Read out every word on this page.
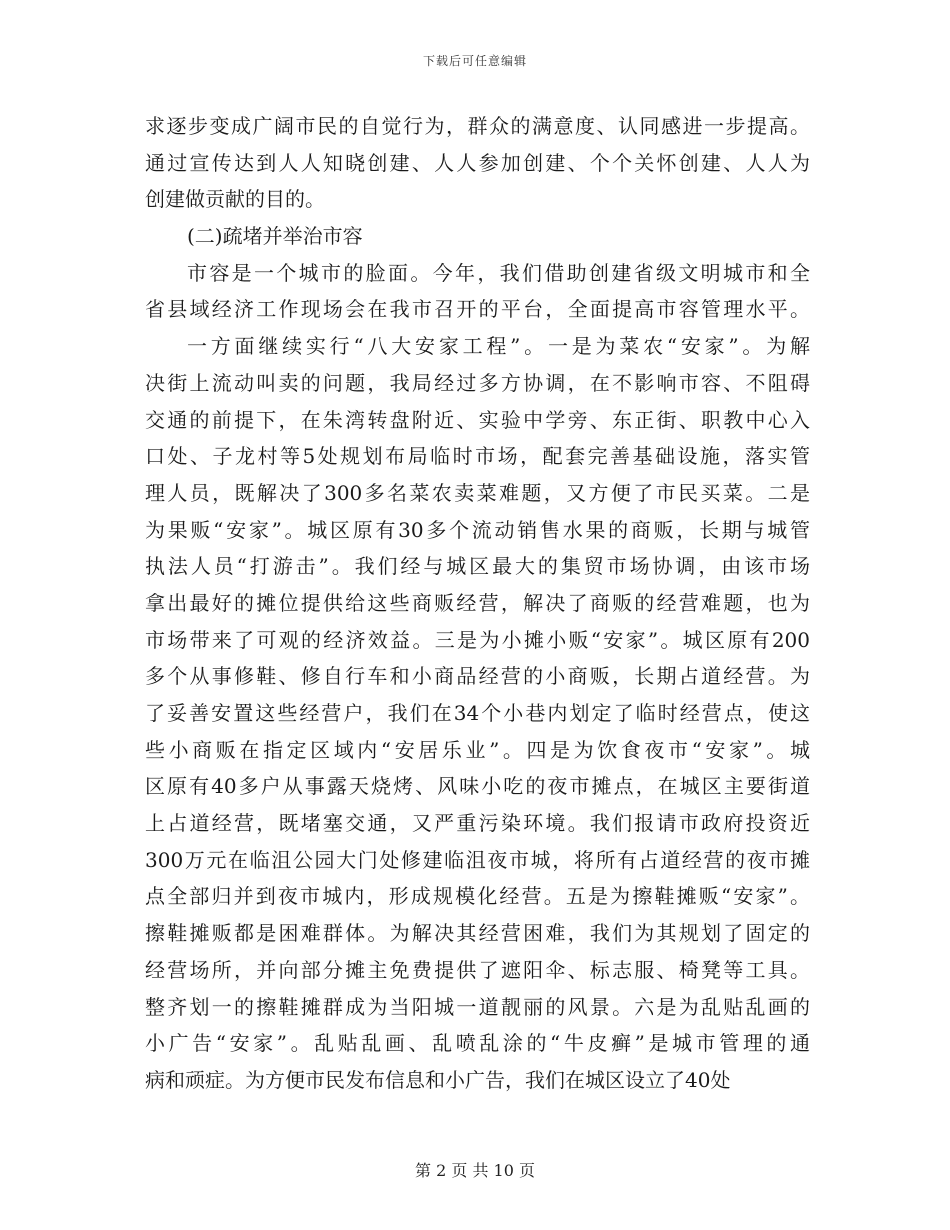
下载后可任意编辑
求逐步变成广阔市民的自觉行为，群众的满意度、认同感进一步提高。
通过宣传达到人人知晓创建、人人参加创建、个个关怀创建、人人为
创建做贡献的目的。
(二)疏堵并举治市容
市容是一个城市的脸面。今年，我们借助创建省级文明城市和全
省县域经济工作现场会在我市召开的平台，全面提高市容管理水平。
一方面继续实行“八大安家工程”。一是为菜农“安家”。为解
决街上流动叫卖的问题，我局经过多方协调，在不影响市容、不阻碍
交通的前提下，在朱湾转盘附近、实验中学旁、东正街、职教中心入
口处、子龙村等5处规划布局临时市场，配套完善基础设施，落实管
理人员，既解决了300多名菜农卖菜难题，又方便了市民买菜。二是
为果贩“安家”。城区原有30多个流动销售水果的商贩，长期与城管
执法人员“打游击”。我们经与城区最大的集贸市场协调，由该市场
拿出最好的摊位提供给这些商贩经营，解决了商贩的经营难题，也为
市场带来了可观的经济效益。三是为小摊小贩“安家”。城区原有200
多个从事修鞋、修自行车和小商品经营的小商贩，长期占道经营。为
了妥善安置这些经营户，我们在34个小巷内划定了临时经营点，使这
些小商贩在指定区域内“安居乐业”。四是为饮食夜市“安家”。城
区原有40多户从事露天烧烤、风味小吃的夜市摊点，在城区主要街道
上占道经营，既堵塞交通，又严重污染环境。我们报请市政府投资近
300万元在临沮公园大门处修建临沮夜市城，将所有占道经营的夜市摊
点全部归并到夜市城内，形成规模化经营。五是为擦鞋摊贩“安家”。
擦鞋摊贩都是困难群体。为解决其经营困难，我们为其规划了固定的
经营场所，并向部分摊主免费提供了遮阳伞、标志服、椅凳等工具。
整齐划一的擦鞋摊群成为当阳城一道靓丽的风景。六是为乱贴乱画的
小广告“安家”。乱贴乱画、乱喷乱涂的“牛皮癣”是城市管理的通
病和顽症。为方便市民发布信息和小广告，我们在城区设立了40处
第 2 页 共 10 页
